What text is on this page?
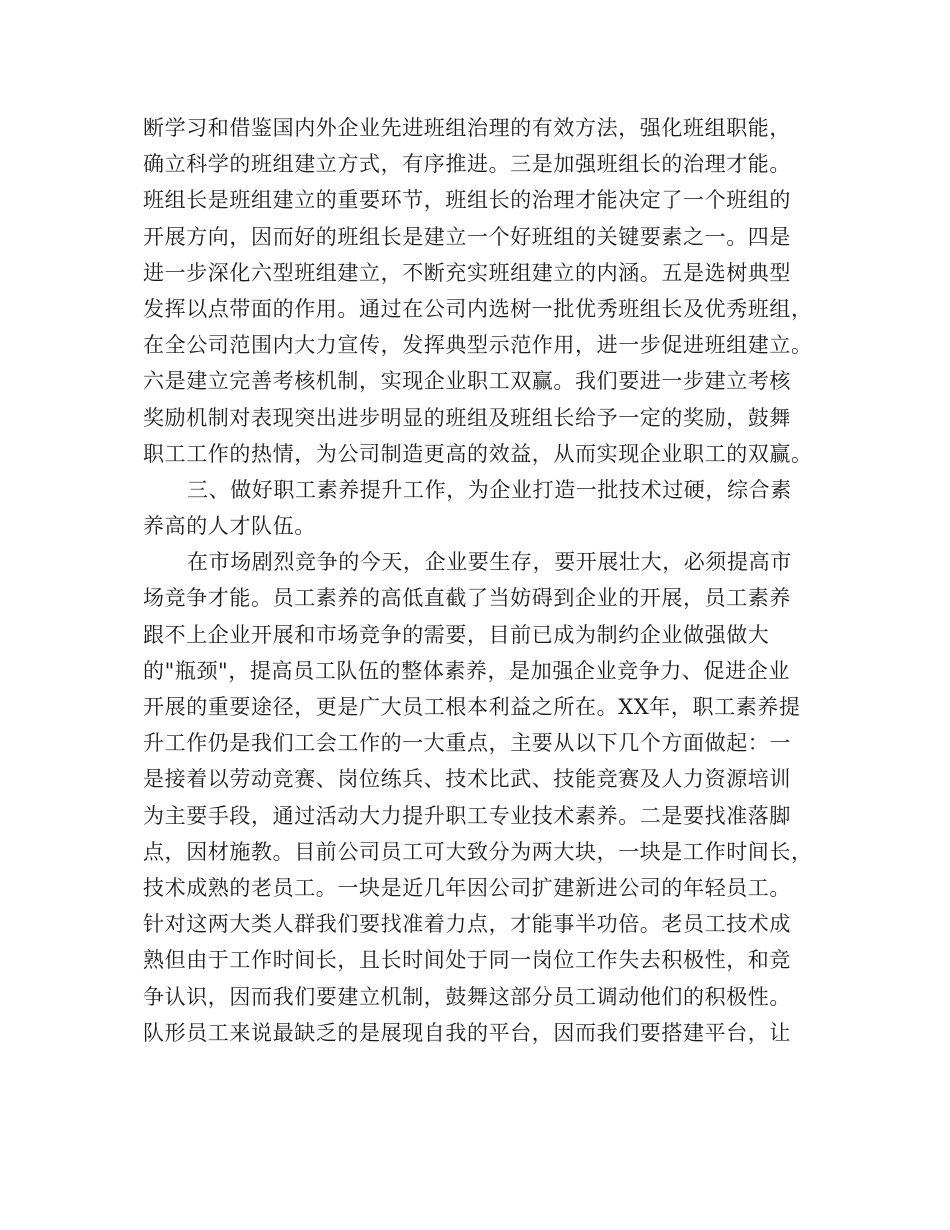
断学习和借鉴国内外企业先进班组治理的有效方法，强化班组职能，
确立科学的班组建立方式，有序推进。三是加强班组长的治理才能。
班组长是班组建立的重要环节，班组长的治理才能决定了一个班组的
开展方向，因而好的班组长是建立一个好班组的关键要素之一。四是
进一步深化六型班组建立，不断充实班组建立的内涵。五是选树典型
发挥以点带面的作用。通过在公司内选树一批优秀班组长及优秀班组，
在全公司范围内大力宣传，发挥典型示范作用，进一步促进班组建立。
六是建立完善考核机制，实现企业职工双赢。我们要进一步建立考核
奖励机制对表现突出进步明显的班组及班组长给予一定的奖励，鼓舞
职工工作的热情，为公司制造更高的效益，从而实现企业职工的双赢。
三、做好职工素养提升工作，为企业打造一批技术过硬，综合素
养高的人才队伍。
在市场剧烈竞争的今天，企业要生存，要开展壮大，必须提高市
场竞争才能。员工素养的高低直截了当妨碍到企业的开展，员工素养
跟不上企业开展和市场竞争的需要，目前已成为制约企业做强做大
的"瓶颈"，提高员工队伍的整体素养，是加强企业竞争力、促进企业
开展的重要途径，更是广大员工根本利益之所在。XX年，职工素养提
升工作仍是我们工会工作的一大重点，主要从以下几个方面做起：一
是接着以劳动竞赛、岗位练兵、技术比武、技能竞赛及人力资源培训
为主要手段，通过活动大力提升职工专业技术素养。二是要找准落脚
点，因材施教。目前公司员工可大致分为两大块，一块是工作时间长，
技术成熟的老员工。一块是近几年因公司扩建新进公司的年轻员工。
针对这两大类人群我们要找准着力点，才能事半功倍。老员工技术成
熟但由于工作时间长，且长时间处于同一岗位工作失去积极性，和竞
争认识，因而我们要建立机制，鼓舞这部分员工调动他们的积极性。
队形员工来说最缺乏的是展现自我的平台，因而我们要搭建平台，让
